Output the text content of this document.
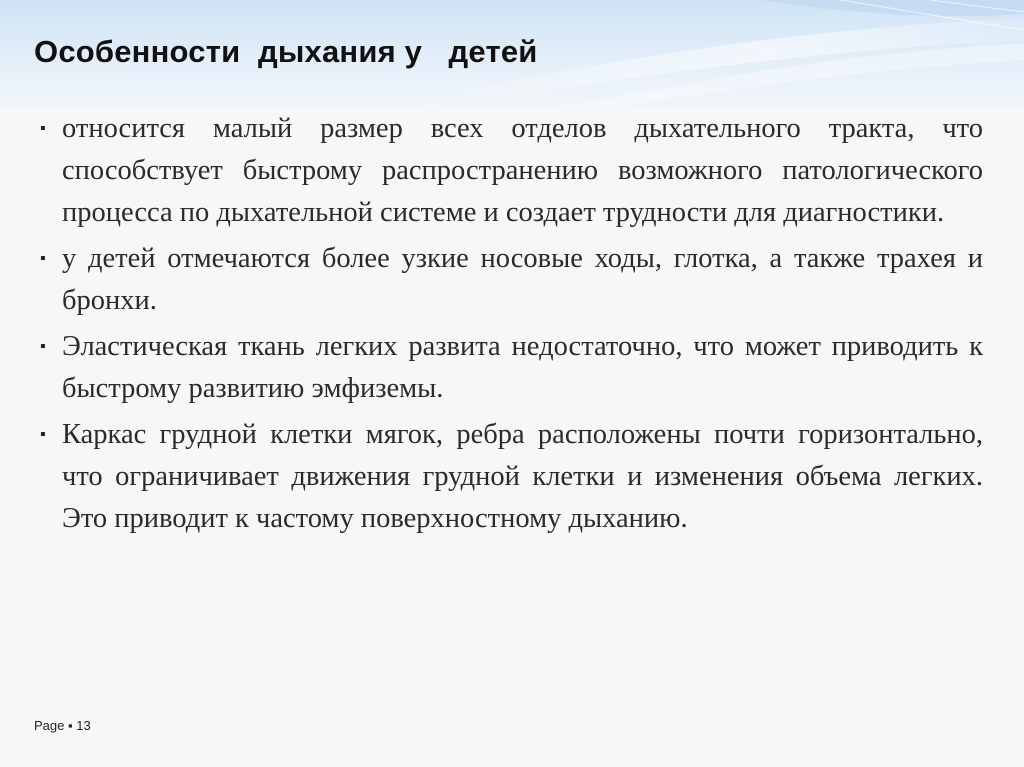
Особенности  дыхания у   детей
▪ относится малый размер всех отделов дыхательного тракта, что способствует быстрому распространению возможного патологического процесса по дыхательной системе и создает трудности для диагностики.
▪ у детей отмечаются более узкие носовые ходы, глотка, а также трахея и бронхи.
▪ Эластическая ткань легких развита недостаточно, что может приводить к быстрому развитию эмфиземы.
▪ Каркас грудной клетки мягок, ребра расположены почти горизонтально, что ограничивает движения грудной клетки и изменения объема легких. Это приводит к частому поверхностному дыханию.
Page ▪ 13
